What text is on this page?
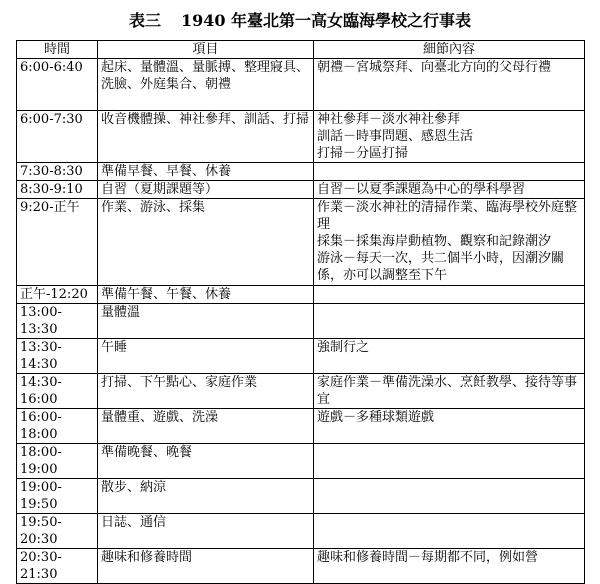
表三 1940 年臺北第一高女臨海學校之行事表
時間	項目	細節內容
6:00-6:40	起床、量體溫、量脈搏、整理寢具、洗臉、外庭集合、朝禮	朝禮－宮城祭拜、向臺北方向的父母行禮

6:00-7:30	收音機體操、神社參拜、訓話、打掃	神社參拜－淡水神社參拜
訓話－時事問題、感恩生活
打掃－分區打掃

7:30-8:30	準備早餐、早餐、休養	
8:30-9:10	自習（夏期課題等）	自習－以夏季課題為中心的學科學習

9:20-正午	作業、游泳、採集	作業－淡水神社的清掃作業、臨海學校外庭整理
採集－採集海岸動植物、觀察和記錄潮汐
游泳－每天一次，共二個半小時，因潮汐關係，亦可以調整至下午

正午-12:20	準備午餐、午餐、休養	
13:00-13:30	量體溫	
13:30-14:30	午睡	強制行之

14:30-16:00	打掃、下午點心、家庭作業	家庭作業－準備洗澡水、烹飪教學、接待等事宜

16:00-18:00	量體重、遊戲、洗澡	遊戲－多種球類遊戲

18:00-19:00	準備晚餐、晚餐	
19:00-19:50	散步、納涼	
19:50-20:30	日誌、通信	
20:30-21:30	趣味和修養時間	趣味和修養時間－每期都不同，例如營
